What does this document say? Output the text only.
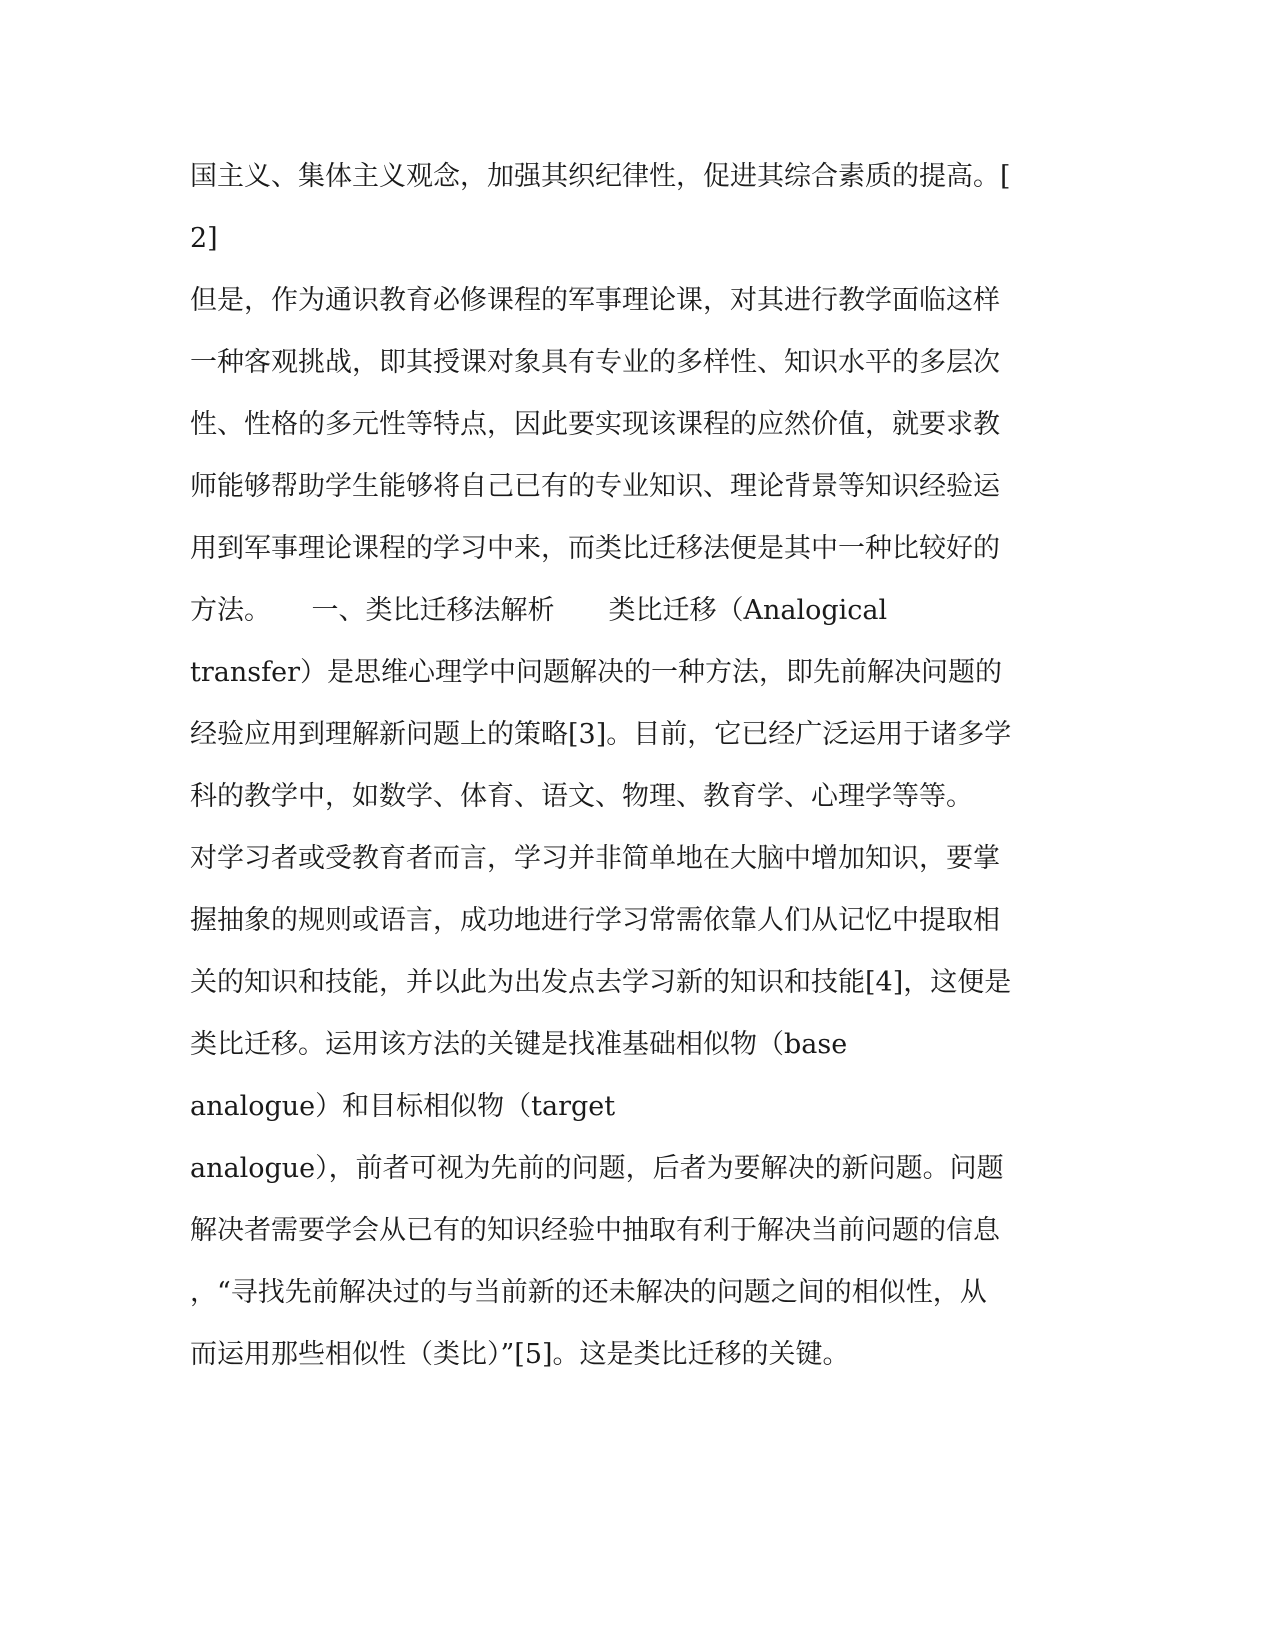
国主义、集体主义观念，加强其织纪律性，促进其综合素质的提高。[
2]
但是，作为通识教育必修课程的军事理论课，对其进行教学面临这样
一种客观挑战，即其授课对象具有专业的多样性、知识水平的多层次
性、性格的多元性等特点，因此要实现该课程的应然价值，就要求教
师能够帮助学生能够将自己已有的专业知识、理论背景等知识经验运
用到军事理论课程的学习中来，而类比迁移法便是其中一种比较好的
方法。　　一、类比迁移法解析　　类比迁移（Analogical
transfer）是思维心理学中问题解决的一种方法，即先前解决问题的
经验应用到理解新问题上的策略[3]。目前，它已经广泛运用于诸多学
科的教学中，如数学、体育、语文、物理、教育学、心理学等等。
对学习者或受教育者而言，学习并非简单地在大脑中增加知识，要掌
握抽象的规则或语言，成功地进行学习常需依靠人们从记忆中提取相
关的知识和技能，并以此为出发点去学习新的知识和技能[4]，这便是
类比迁移。运用该方法的关键是找准基础相似物（base
analogue）和目标相似物（target
analogue），前者可视为先前的问题，后者为要解决的新问题。问题
解决者需要学会从已有的知识经验中抽取有利于解决当前问题的信息
，“寻找先前解决过的与当前新的还未解决的问题之间的相似性，从
而运用那些相似性（类比）”[5]。这是类比迁移的关键。
